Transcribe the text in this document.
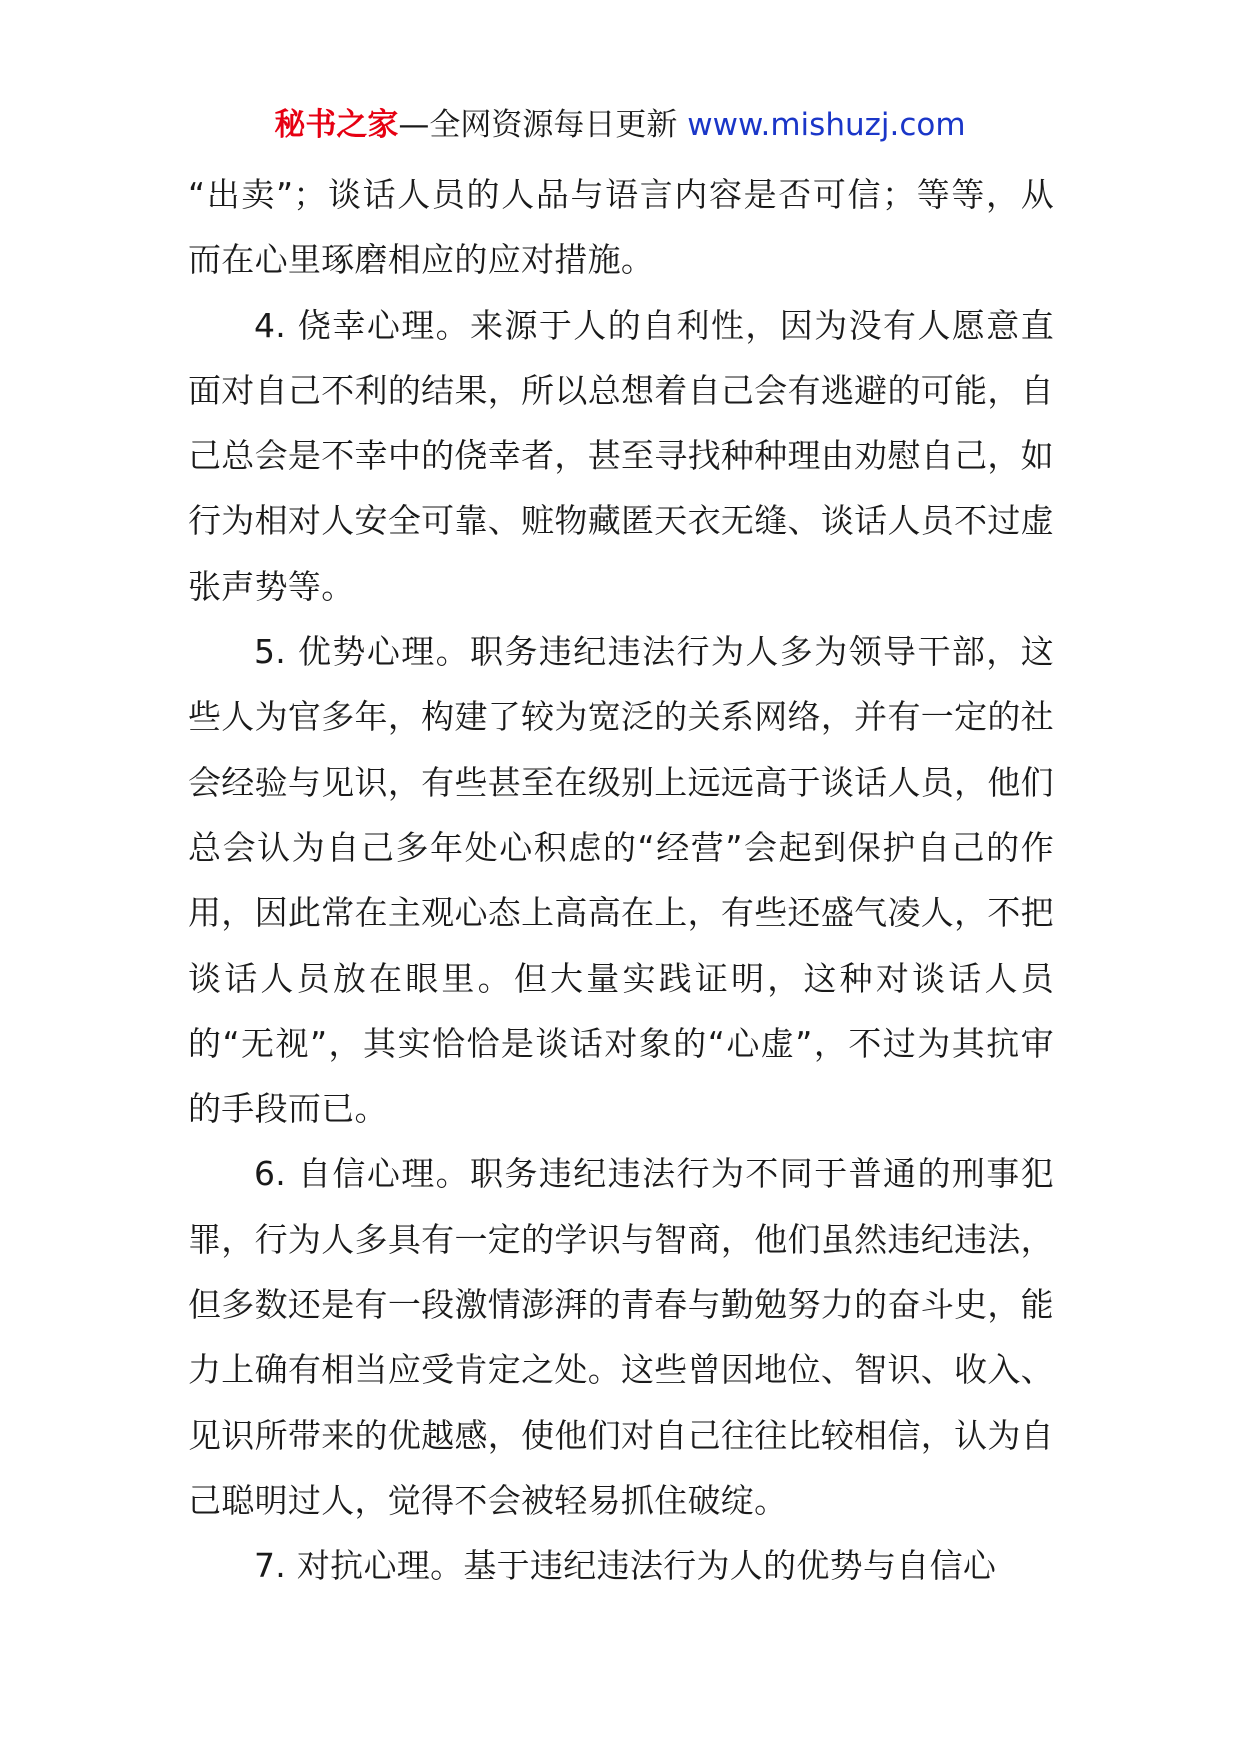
秘书之家—全网资源每日更新 www.mishuzj.com

“出卖”；谈话人员的人品与语言内容是否可信；等等，从而在心里琢磨相应的应对措施。

4. 侥幸心理。来源于人的自利性，因为没有人愿意直面对自己不利的结果，所以总想着自己会有逃避的可能，自己总会是不幸中的侥幸者，甚至寻找种种理由劝慰自己，如行为相对人安全可靠、赃物藏匿天衣无缝、谈话人员不过虚张声势等。

5. 优势心理。职务违纪违法行为人多为领导干部，这些人为官多年，构建了较为宽泛的关系网络，并有一定的社会经验与见识，有些甚至在级别上远远高于谈话人员，他们总会认为自己多年处心积虑的“经营”会起到保护自己的作用，因此常在主观心态上高高在上，有些还盛气凌人，不把谈话人员放在眼里。但大量实践证明，这种对谈话人员的“无视”，其实恰恰是谈话对象的“心虚”，不过为其抗审的手段而已。

6. 自信心理。职务违纪违法行为不同于普通的刑事犯罪，行为人多具有一定的学识与智商，他们虽然违纪违法，但多数还是有一段激情澎湃的青春与勤勉努力的奋斗史，能力上确有相当应受肯定之处。这些曾因地位、智识、收入、见识所带来的优越感，使他们对自己往往比较相信，认为自己聪明过人，觉得不会被轻易抓住破绽。

7. 对抗心理。基于违纪违法行为人的优势与自信心
